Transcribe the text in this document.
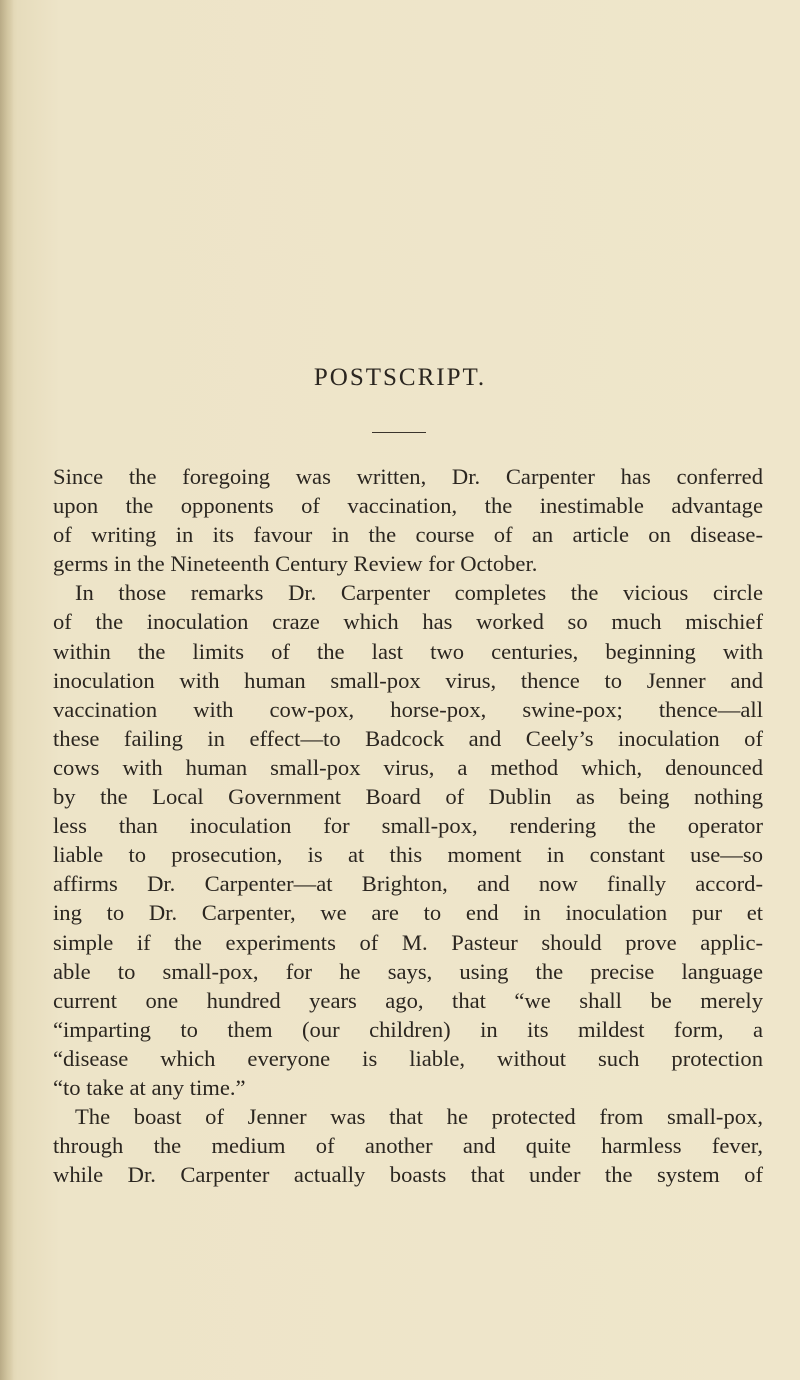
POSTSCRIPT.
Since the foregoing was written, Dr. Carpenter has conferred
upon the opponents of vaccination, the inestimable advantage
of writing in its favour in the course of an article on disease-
germs in the Nineteenth Century Review for October.
In those remarks Dr. Carpenter completes the vicious circle
of the inoculation craze which has worked so much mischief
within the limits of the last two centuries, beginning with
inoculation with human small-pox virus, thence to Jenner and
vaccination with cow-pox, horse-pox, swine-pox; thence—all
these failing in effect—to Badcock and Ceely’s inoculation of
cows with human small-pox virus, a method which, denounced
by the Local Government Board of Dublin as being nothing
less than inoculation for small-pox, rendering the operator
liable to prosecution, is at this moment in constant use—so
affirms Dr. Carpenter—at Brighton, and now finally accord-
ing to Dr. Carpenter, we are to end in inoculation pur et
simple if the experiments of M. Pasteur should prove applic-
able to small-pox, for he says, using the precise language
current one hundred years ago, that “we shall be merely
“imparting to them (our children) in its mildest form, a
“disease which everyone is liable, without such protection
“to take at any time.”
The boast of Jenner was that he protected from small-pox,
through the medium of another and quite harmless fever,
while Dr. Carpenter actually boasts that under the system of
